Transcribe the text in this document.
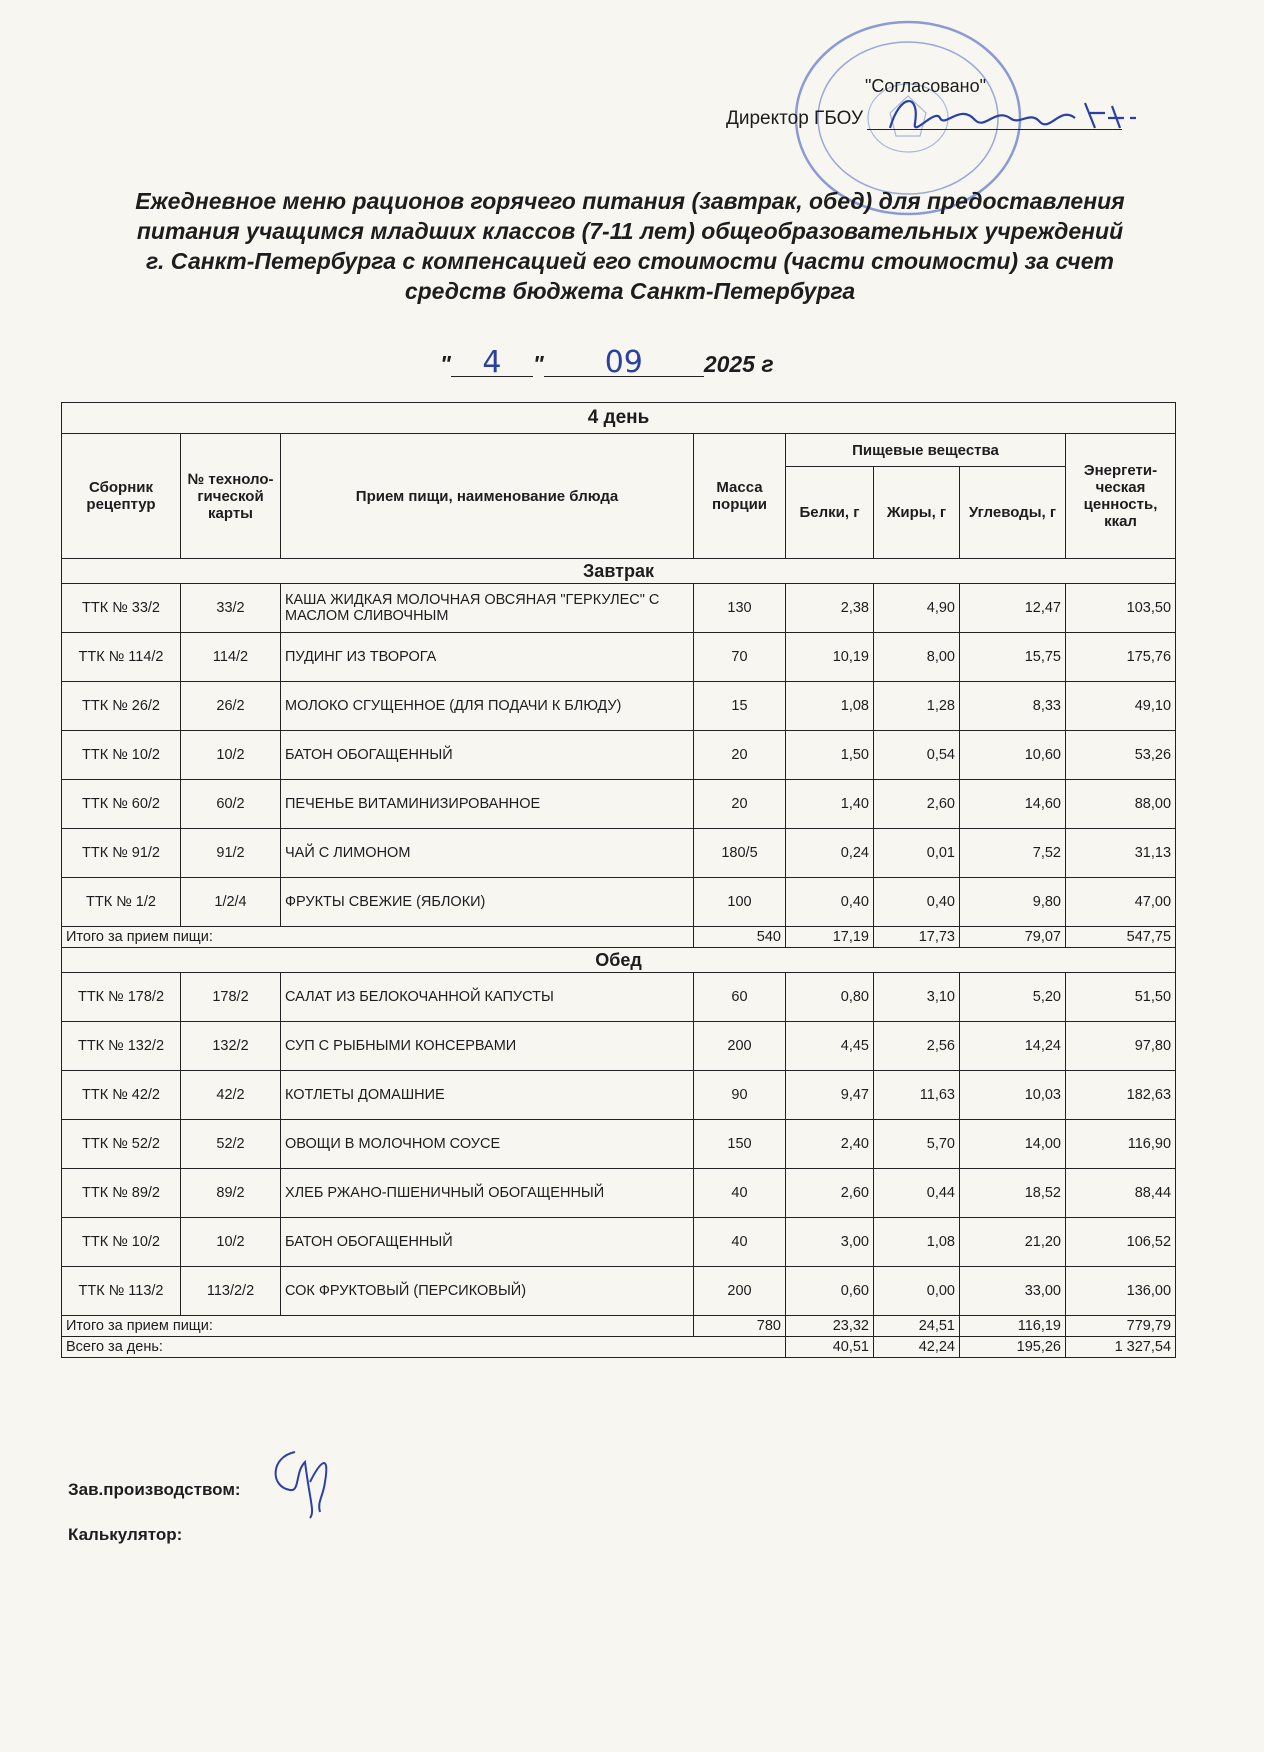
"Согласовано"
Директор ГБОУ
Ежедневное меню рационов горячего питания (завтрак, обед) для предоставления
питания учащимся младших классов (7-11 лет) общеобразовательных учреждений
г. Санкт-Петербурга с компенсацией его стоимости (части стоимости) за счет
средств бюджета Санкт-Петербурга
" 4 " 09	2025 г
4 день							
Сборник рецептур	№ техноло-гической карты	Прием пищи, наименование блюда	Масса порции	Пищевые вещества			Энергети-ческая ценность, ккал
				Белки, г	Жиры, г	Углеводы, г	
Завтрак							
ТТК № 33/2	33/2	КАША ЖИДКАЯ МОЛОЧНАЯ ОВСЯНАЯ "ГЕРКУЛЕС" С МАСЛОМ СЛИВОЧНЫМ	130	2,38	4,90	12,47	103,50
ТТК № 114/2	114/2	ПУДИНГ ИЗ ТВОРОГА	70	10,19	8,00	15,75	175,76
ТТК № 26/2	26/2	МОЛОКО СГУЩЕННОЕ (ДЛЯ ПОДАЧИ К БЛЮДУ)	15	1,08	1,28	8,33	49,10
ТТК № 10/2	10/2	БАТОН ОБОГАЩЕННЫЙ	20	1,50	0,54	10,60	53,26
ТТК № 60/2	60/2	ПЕЧЕНЬЕ ВИТАМИНИЗИРОВАННОЕ	20	1,40	2,60	14,60	88,00
ТТК № 91/2	91/2	ЧАЙ С ЛИМОНОМ	180/5	0,24	0,01	7,52	31,13
ТТК № 1/2	1/2/4	ФРУКТЫ СВЕЖИЕ (ЯБЛОКИ)	100	0,40	0,40	9,80	47,00
Итого за прием пищи:			540	17,19	17,73	79,07	547,75
Обед							
ТТК № 178/2	178/2	САЛАТ ИЗ БЕЛОКОЧАННОЙ КАПУСТЫ	60	0,80	3,10	5,20	51,50
ТТК № 132/2	132/2	СУП С РЫБНЫМИ КОНСЕРВАМИ	200	4,45	2,56	14,24	97,80
ТТК № 42/2	42/2	КОТЛЕТЫ ДОМАШНИЕ	90	9,47	11,63	10,03	182,63
ТТК № 52/2	52/2	ОВОЩИ В МОЛОЧНОМ СОУСЕ	150	2,40	5,70	14,00	116,90
ТТК № 89/2	89/2	ХЛЕБ РЖАНО-ПШЕНИЧНЫЙ ОБОГАЩЕННЫЙ	40	2,60	0,44	18,52	88,44
ТТК № 10/2	10/2	БАТОН ОБОГАЩЕННЫЙ	40	3,00	1,08	21,20	106,52
ТТК № 113/2	113/2/2	СОК ФРУКТОВЫЙ (ПЕРСИКОВЫЙ)	200	0,60	0,00	33,00	136,00
Итого за прием пищи:			780	23,32	24,51	116,19	779,79
Всего за день:				40,51	42,24	195,26	1 327,54
Зав.производством:
Калькулятор:
